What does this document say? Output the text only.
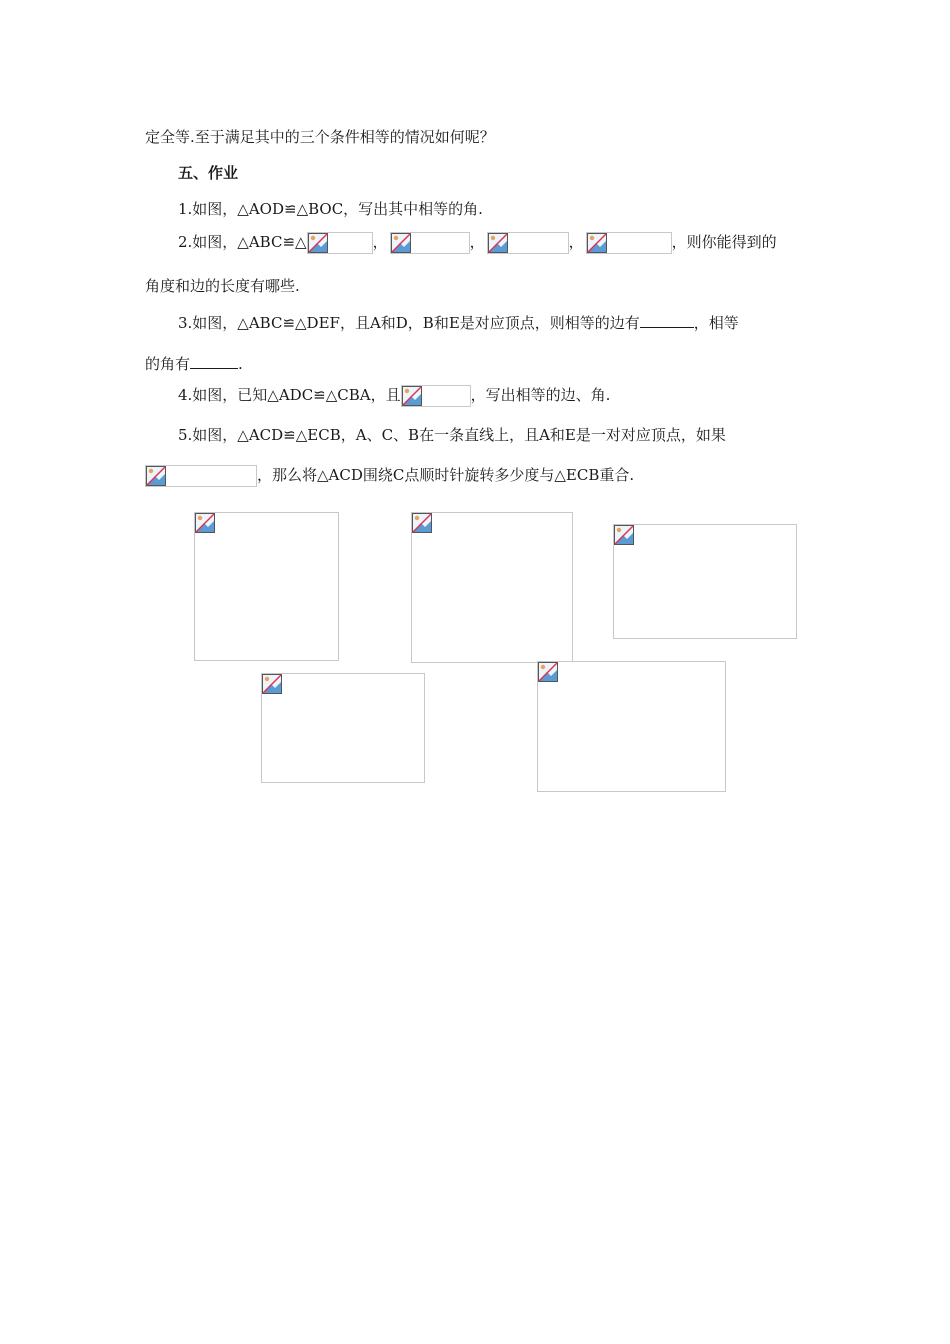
定全等.至于满足其中的三个条件相等的情况如何呢？
五、作业
1.如图，△AOD≌△BOC，写出其中相等的角.
2.如图，△ABC≌△	，	，	，	，则你能得到的
角度和边的长度有哪些.
3.如图，△ABC≌△DEF，且A和D，B和E是对应顶点，则相等的边有	，相等
的角有	.
4.如图，已知△ADC≌△CBA，且	，写出相等的边、角.
5.如图，△ACD≌△ECB，A、C、B在一条直线上，且A和E是一对对应顶点，如果
，那么将△ACD围绕C点顺时针旋转多少度与△ECB重合.
